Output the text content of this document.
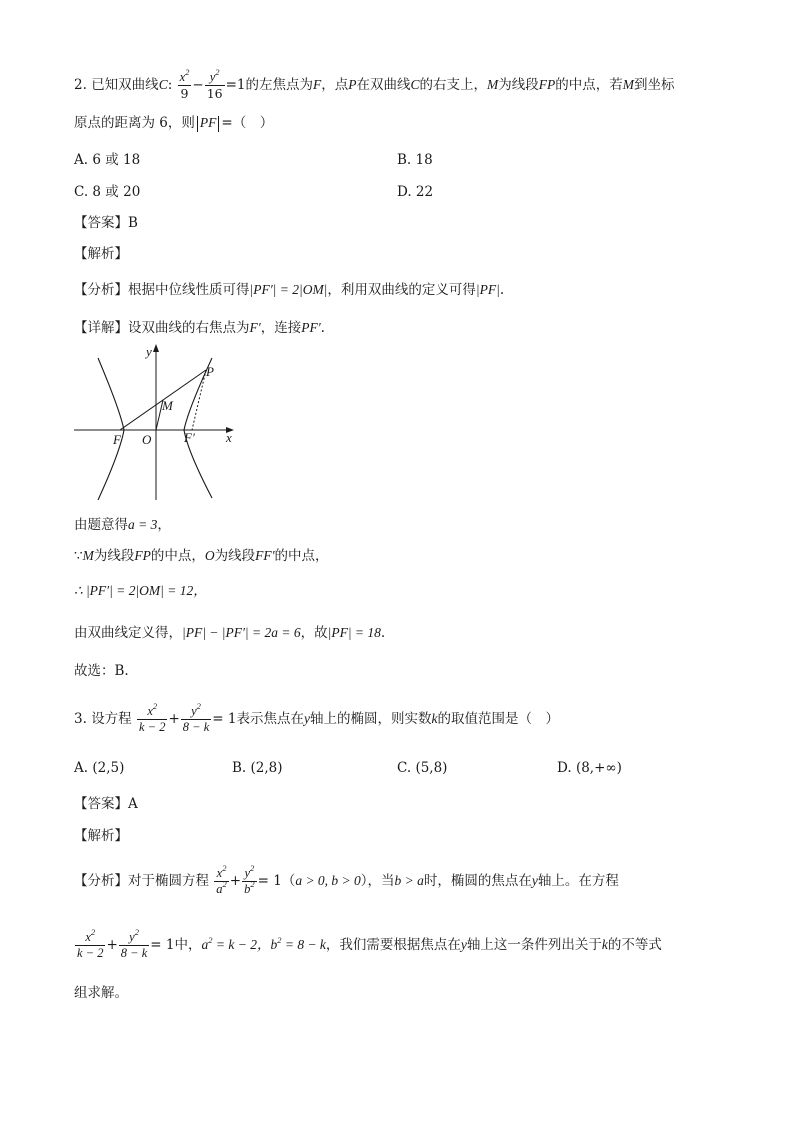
2. 已知双曲线C: $\frac{x^2}{9} - \frac{y^2}{16} =1$的左焦点为F，点P在双曲线C的右支上，M为线段FP的中点，若M到坐标
原点的距离为 6，则 PF =（　）
A. 6 或 18	B. 18
C. 8 或 20	D. 22
【答案】B
【解析】
【分析】根据中位线性质可得|PF′| = 2|OM|，利用双曲线的定义可得|PF|.
【详解】设双曲线的右焦点为F′，连接PF′.
y
x
P
M
F O	F′
由题意得a = 3，
∵M为线段FP的中点，O为线段FF′的中点，
∴ |PF′| = 2|OM| = 12，
由双曲线定义得，|PF| − |PF′| = 2a = 6，故|PF| = 18.
故选：B.
3. 设方程 $\frac{x^2}{k - 2} + \frac{y^2}{8 - k} = 1$表示焦点在y轴上的椭圆，则实数k的取值范围是（　）
A. (2,5)	B. (2,8)	C. (5,8)	D. (8,+∞)
【答案】A
【解析】
【分析】对于椭圆方程 $\frac{x^2}{a^2} + \frac{y^2}{b^2} = 1(a > 0$, b > 0），当b > a时，椭圆的焦点在y轴上。在方程
$\frac{x^2}{k - 2} + \frac{y^2}{8 - k} = 1$中，$a^2 = k - 2$，$b^2 = 8 - k$，我们需要根据焦点在y轴上这一条件列出关于k的不等式
组求解。
